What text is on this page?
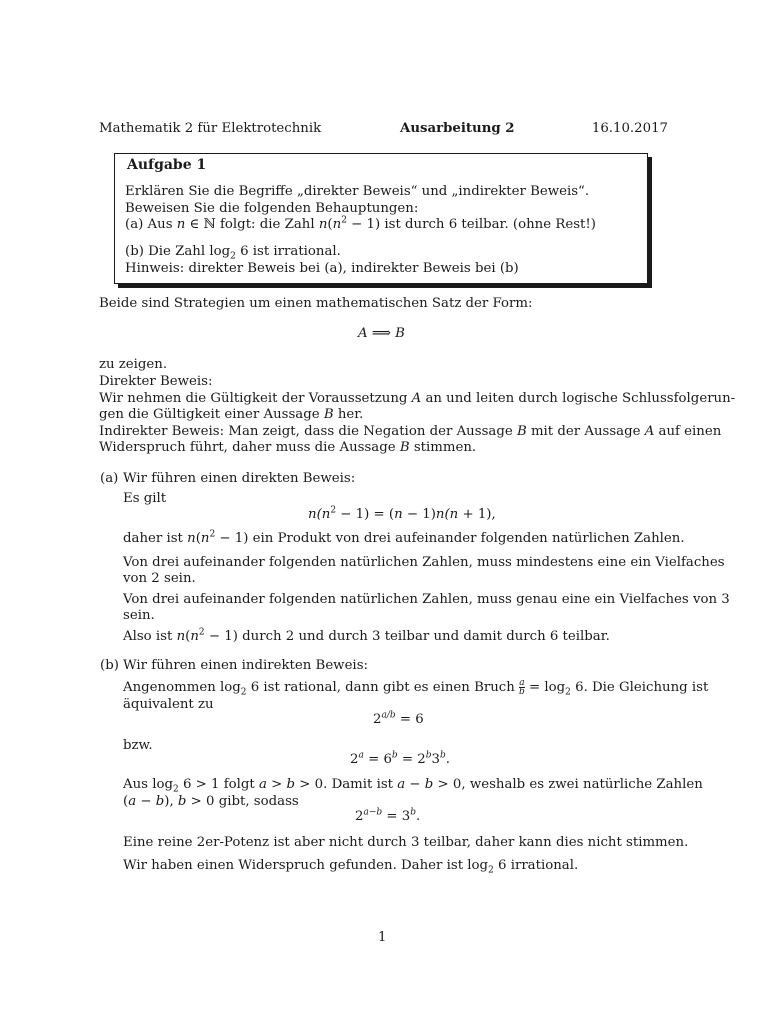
Mathematik 2 für Elektrotechnik	Ausarbeitung 2	16.10.2017
Aufgabe 1
Erklären Sie die Begriffe „direkter Beweis“ und „indirekter Beweis“.
Beweisen Sie die folgenden Behauptungen:
(a) Aus n ∈ ℕ folgt: die Zahl $n(n^2 - 1)$ ist durch 6 teilbar. (ohne Rest!)
(b) Die Zahl $\log_2 6$ ist irrational.
Hinweis: direkter Beweis bei (a), indirekter Beweis bei (b)
Beide sind Strategien um einen mathematischen Satz der Form:
A ⟹ B
zu zeigen.
Direkter Beweis:
Wir nehmen die Gültigkeit der Voraussetzung A an und leiten durch logische Schlussfolgerun-
gen die Gültigkeit einer Aussage B her.
Indirekter Beweis: Man zeigt, dass die Negation der Aussage B mit der Aussage A auf einen
Widerspruch führt, daher muss die Aussage B stimmen.
(a) Wir führen einen direkten Beweis:
Es gilt
$n(n^2 - 1) = (n - 1)n(n + 1)$,
daher ist $n(n^2 - 1)$ ein Produkt von drei aufeinander folgenden natürlichen Zahlen.
Von drei aufeinander folgenden natürlichen Zahlen, muss mindestens eine ein Vielfaches
von 2 sein.
Von drei aufeinander folgenden natürlichen Zahlen, muss genau eine ein Vielfaches von 3
sein.
Also ist $n(n^2 - 1)$ durch 2 und durch 3 teilbar und damit durch 6 teilbar.
(b) Wir führen einen indirekten Beweis:
Angenommen $\log_2 6$ ist rational, dann gibt es einen Bruch $\frac{a}{b} = \log_2 6$. Die Gleichung ist
äquivalent zu
$2^{a/b} = 6$
bzw.
$2^a = 6^b = 2^b3^b$.
Aus $\log_2 6 > 1$ folgt a > b > 0. Damit ist a − b > 0, weshalb es zwei natürliche Zahlen
(a − b), b > 0 gibt, sodass
$2^{a-b} = 3^b$.
Eine reine 2er-Potenz ist aber nicht durch 3 teilbar, daher kann dies nicht stimmen.
Wir haben einen Widerspruch gefunden. Daher ist $\log_2 6$ irrational.
1
